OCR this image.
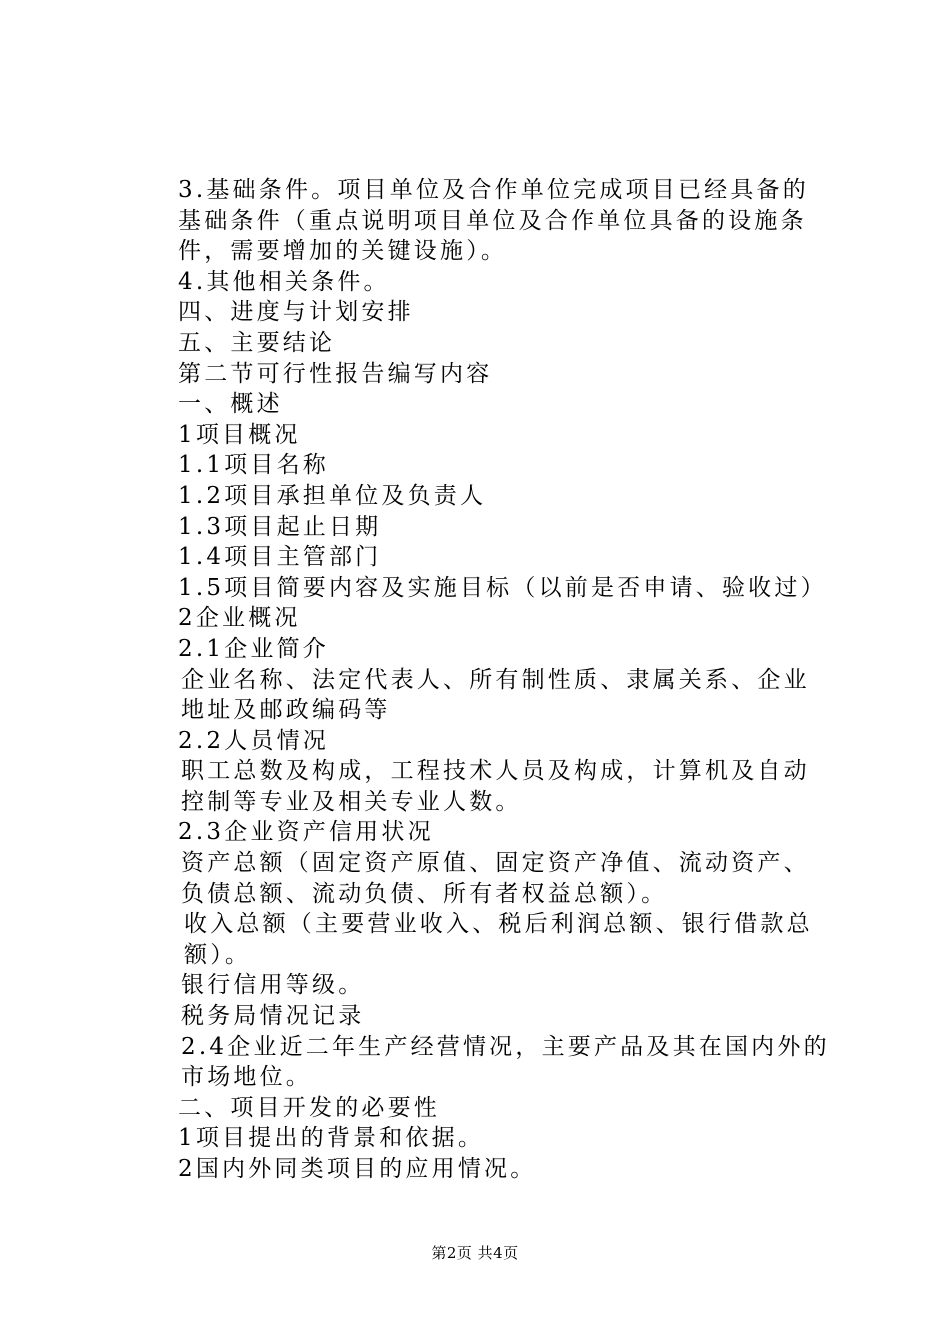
3.基础条件。项目单位及合作单位完成项目已经具备的基础条件（重点说明项目单位及合作单位具备的设施条件，需要增加的关键设施）。

4.其他相关条件。

四、进度与计划安排

五、主要结论

第二节可行性报告编写内容

一、概述

1项目概况

1.1项目名称

1.2项目承担单位及负责人

1.3项目起止日期

1.4项目主管部门

1.5项目简要内容及实施目标（以前是否申请、验收过）

2企业概况

2.1企业简介

企业名称、法定代表人、所有制性质、隶属关系、企业地址及邮政编码等

2.2人员情况

职工总数及构成，工程技术人员及构成，计算机及自动控制等专业及相关专业人数。

2.3企业资产信用状况

资产总额（固定资产原值、固定资产净值、流动资产、负债总额、流动负债、所有者权益总额）。

收入总额（主要营业收入、税后利润总额、银行借款总额）。

银行信用等级。

税务局情况记录

2.4企业近二年生产经营情况，主要产品及其在国内外的市场地位。

二、项目开发的必要性

1项目提出的背景和依据。

2国内外同类项目的应用情况。

第2页 共4页
